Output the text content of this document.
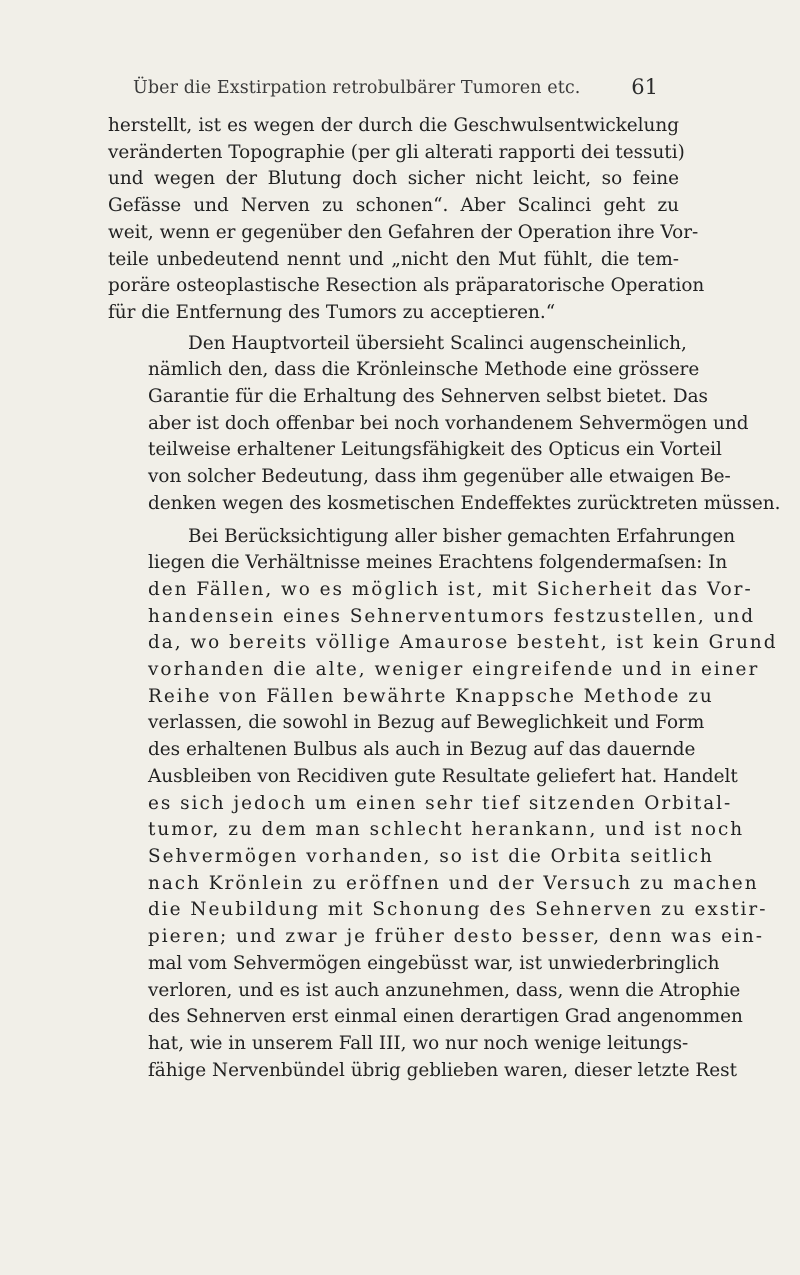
Über die Exstirpation retrobulbärer Tumoren etc. 61

herstellt, ist es wegen der durch die Geschwulsentwickelung
veränderten Topographie (per gli alterati rapporti dei tessuti)
und wegen der Blutung doch sicher nicht leicht, so feine
Gefässe und Nerven zu schonen“. Aber Scalinci geht zu
weit, wenn er gegenüber den Gefahren der Operation ihre Vor-
teile unbedeutend nennt und „nicht den Mut fühlt, die tem-
poräre osteoplastische Resection als präparatorische Operation
für die Entfernung des Tumors zu acceptieren.“

Den Hauptvorteil übersieht Scalinci augenscheinlich,
nämlich den, dass die Krönleinsche Methode eine grössere
Garantie für die Erhaltung des Sehnerven selbst bietet. Das
aber ist doch offenbar bei noch vorhandenem Sehvermögen und
teilweise erhaltener Leitungsfähigkeit des Opticus ein Vorteil
von solcher Bedeutung, dass ihm gegenüber alle etwaigen Be-
denken wegen des kosmetischen Endeffektes zurücktreten müssen.

Bei Berücksichtigung aller bisher gemachten Erfahrungen
liegen die Verhältnisse meines Erachtens folgendermaſsen: In
den Fällen, wo es möglich ist, mit Sicherheit das Vor-
handensein eines Sehnerventumors festzustellen, und
da, wo bereits völlige Amaurose besteht, ist kein Grund
vorhanden die alte, weniger eingreifende und in einer
Reihe von Fällen bewährte Knappsche Methode zu
verlassen, die sowohl in Bezug auf Beweglichkeit und Form
des erhaltenen Bulbus als auch in Bezug auf das dauernde
Ausbleiben von Recidiven gute Resultate geliefert hat. Handelt
es sich jedoch um einen sehr tief sitzenden Orbital-
tumor, zu dem man schlecht herankann, und ist noch
Sehvermögen vorhanden, so ist die Orbita seitlich
nach Krönlein zu eröffnen und der Versuch zu machen
die Neubildung mit Schonung des Sehnerven zu exstir-
pieren; und zwar je früher desto besser, denn was ein-
mal vom Sehvermögen eingebüsst war, ist unwiederbringlich
verloren, und es ist auch anzunehmen, dass, wenn die Atrophie
des Sehnerven erst einmal einen derartigen Grad angenommen
hat, wie in unserem Fall III, wo nur noch wenige leitungs-
fähige Nervenbündel übrig geblieben waren, dieser letzte Rest
